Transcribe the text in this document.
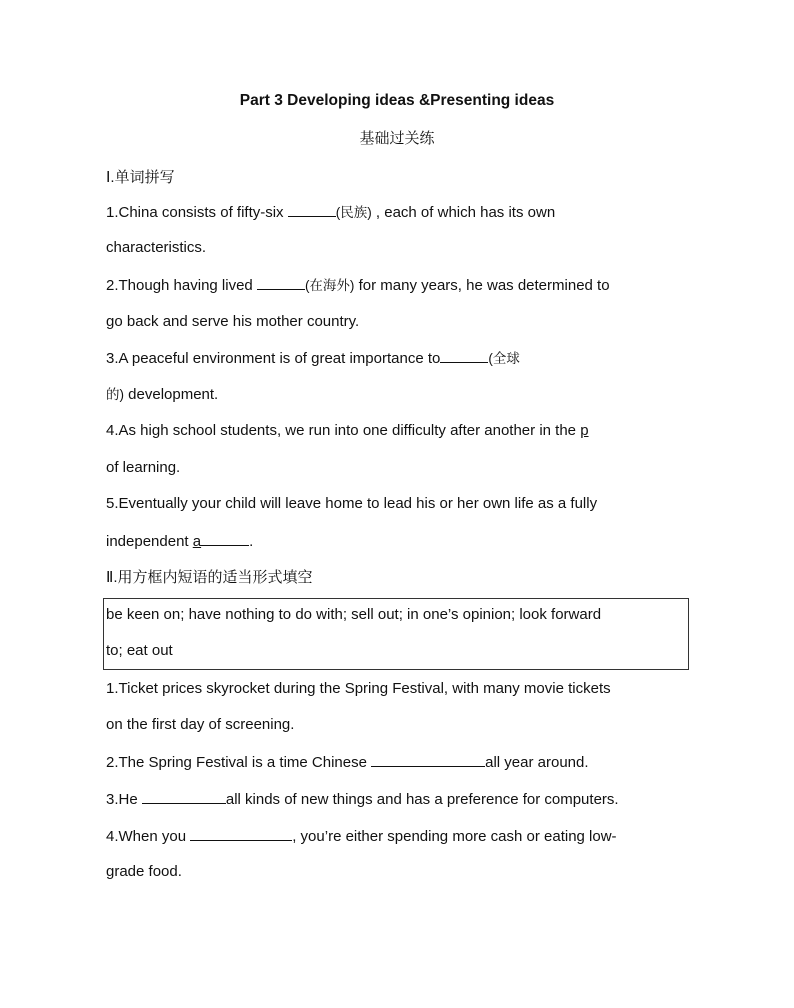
Part 3 Developing ideas &Presenting ideas
基础过关练
Ⅰ.单词拼写
1.China consists of fifty-six	(民族) , each of which has its own
characteristics.
2.Though having lived	(在海外) for many years, he was determined to
go back and serve his mother country.
3.A peaceful environment is of great importance to	(全球
的) development.
4.As high school students, we run into one difficulty after another in the p
of learning.
5.Eventually your child will leave home to lead his or her own life as a fully
independent a	.
Ⅱ.用方框内短语的适当形式填空
be keen on; have nothing to do with; sell out; in one’s opinion; look forward
to; eat out
1.Ticket prices skyrocket during the Spring Festival, with many movie tickets
on the first day of screening.
2.The Spring Festival is a time Chinese	all year around.
3.He	all kinds of new things and has a preference for computers.
4.When you	, you’re either spending more cash or eating low-
grade food.
